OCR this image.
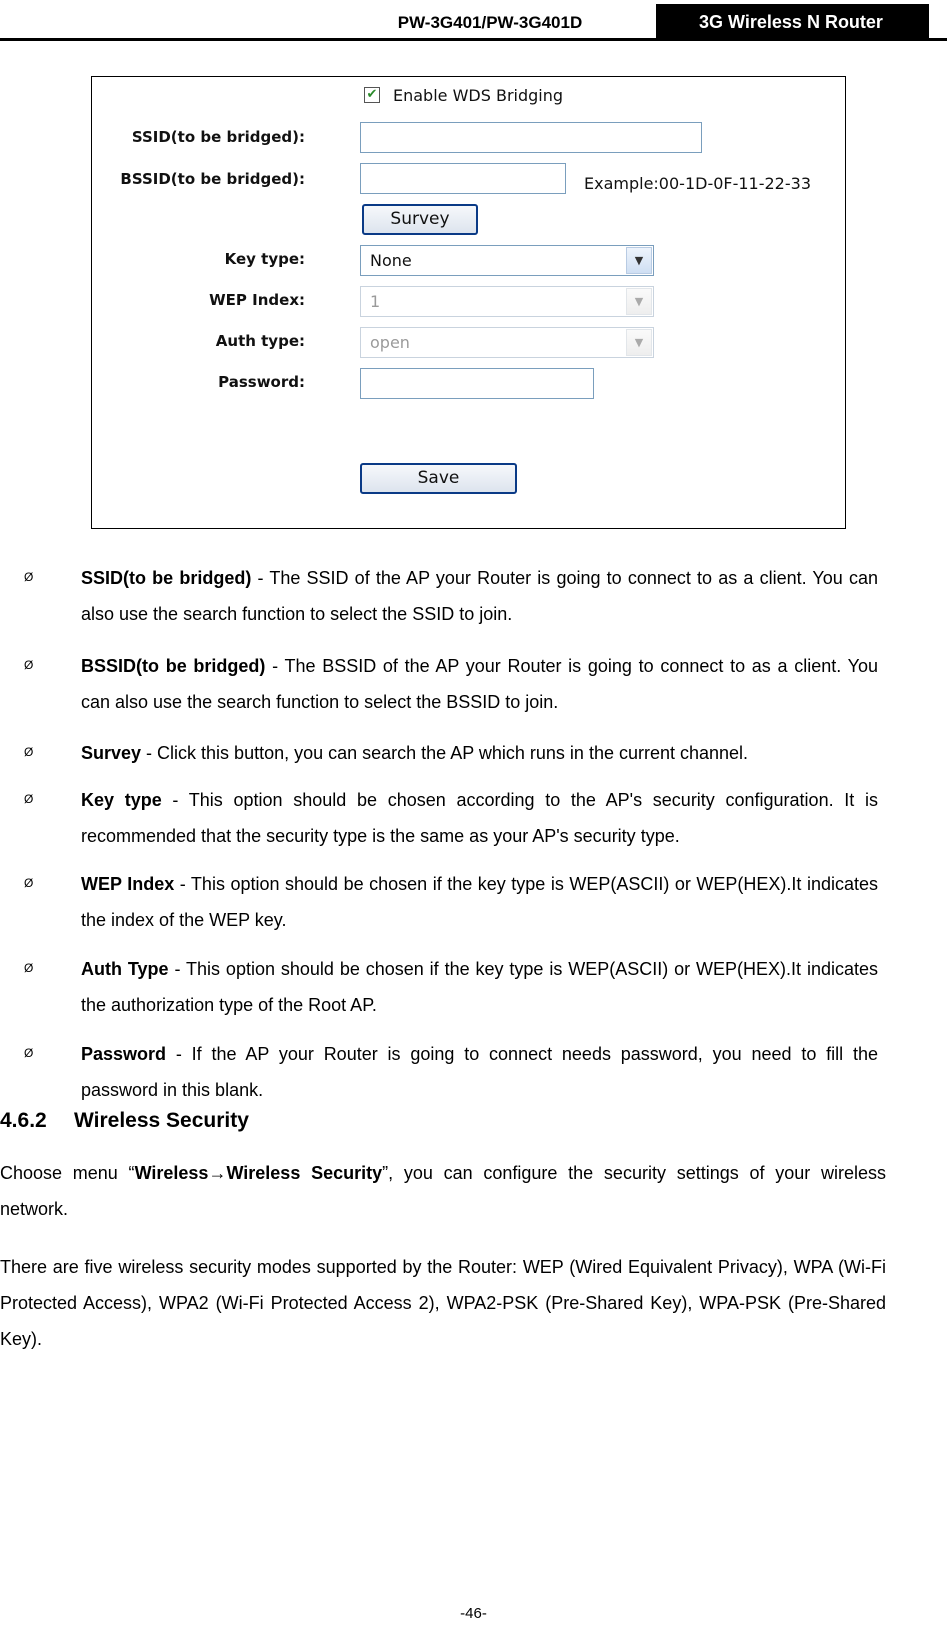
PW-3G401/PW-3G401D	3G Wireless N Router
✔ Enable WDS Bridging
SSID(to be bridged):
BSSID(to be bridged):	Example:00-1D-0F-11-22-33
Survey
Key type:	None	▼
WEP Index:	1	▼
Auth type:	open	▼
Password:
Save
Ø	SSID(to be bridged) - The SSID of the AP your Router is going to connect to as a client. You can also use the search function to select the SSID to join.

Ø	BSSID(to be bridged) - The BSSID of the AP your Router is going to connect to as a client. You can also use the search function to select the BSSID to join.

Ø	Survey - Click this button, you can search the AP which runs in the current channel.

Ø	Key type - This option should be chosen according to the AP's security configuration. It is recommended that the security type is the same as your AP's security type.

Ø	WEP Index - This option should be chosen if the key type is WEP(ASCII) or WEP(HEX).It indicates the index of the WEP key.

Ø	Auth Type - This option should be chosen if the key type is WEP(ASCII) or WEP(HEX).It indicates the authorization type of the Root AP.

Ø	Password - If the AP your Router is going to connect needs password, you need to fill the password in this blank.

4.6.2 Wireless Security

Choose menu “Wireless→Wireless Security”, you can configure the security settings of your wireless network.

There are five wireless security modes supported by the Router: WEP (Wired Equivalent Privacy), WPA (Wi-Fi Protected Access), WPA2 (Wi-Fi Protected Access 2), WPA2-PSK (Pre-Shared Key), WPA-PSK (Pre-Shared Key).

-46-
